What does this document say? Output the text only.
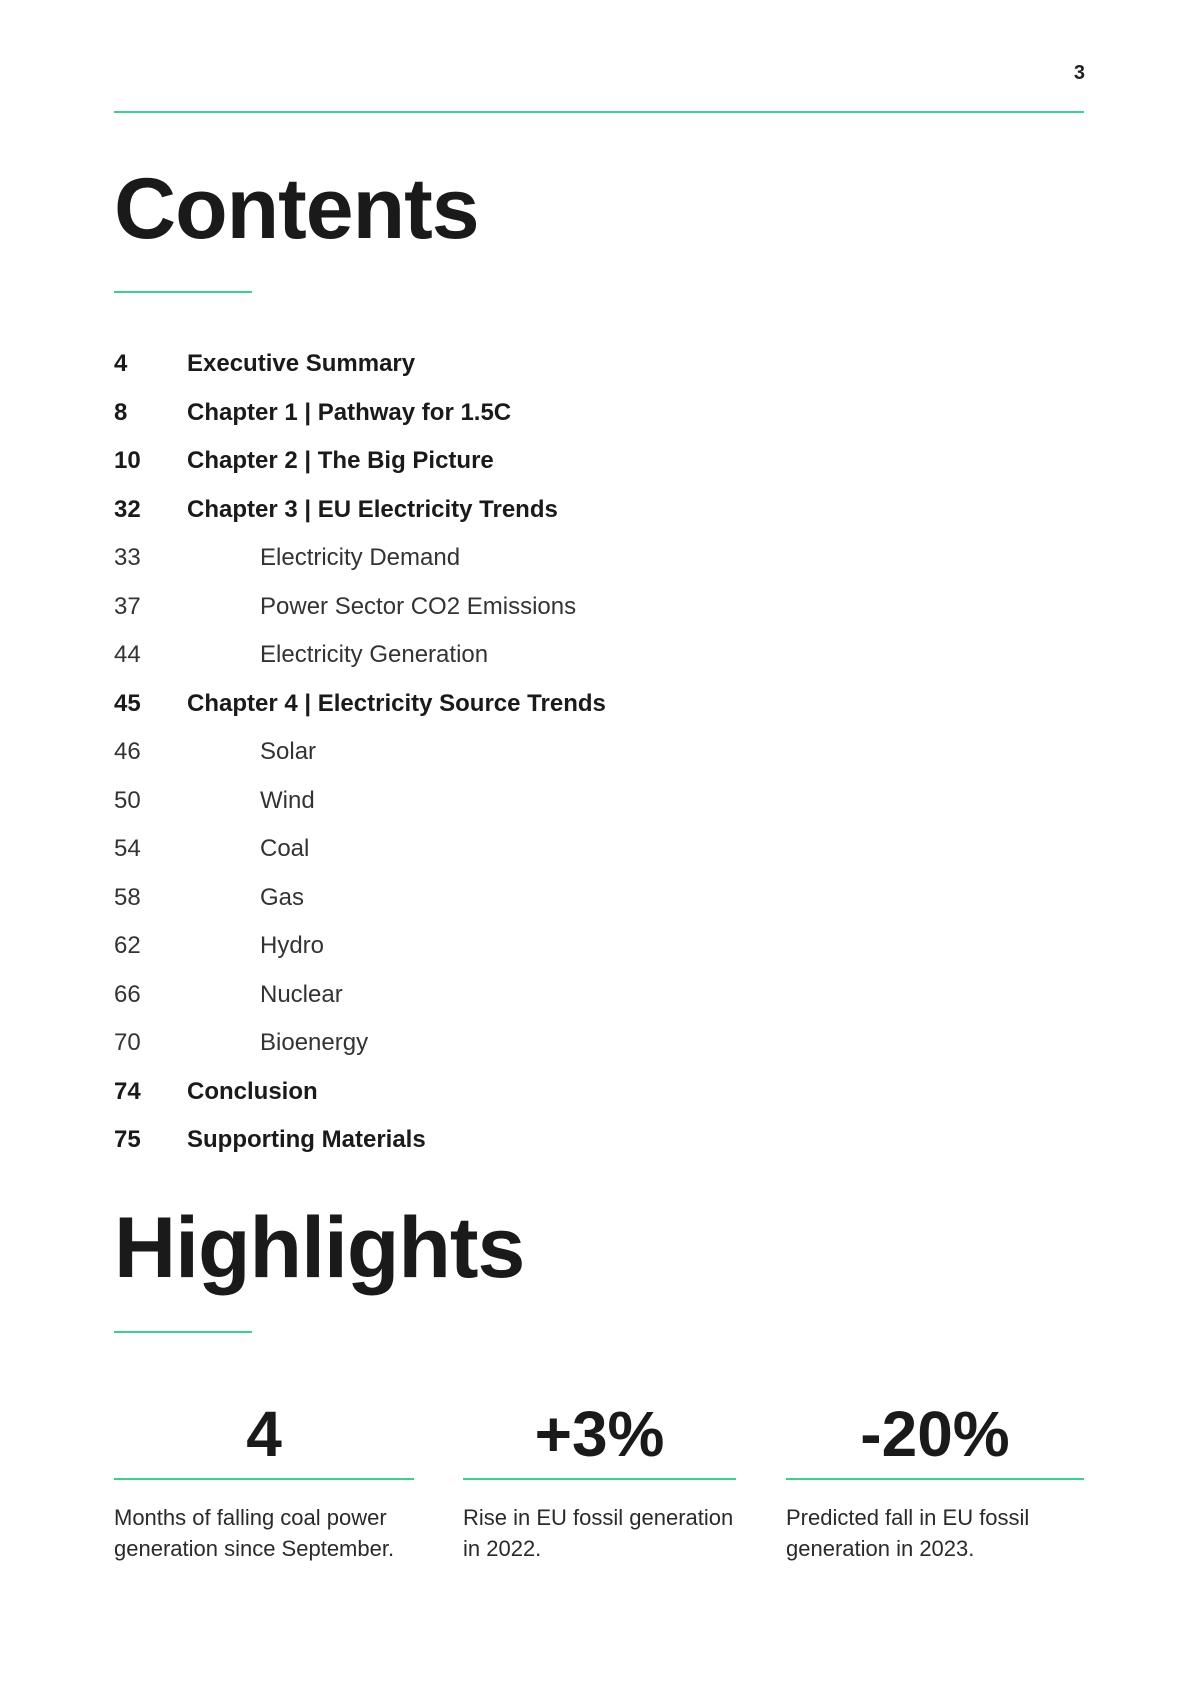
3
Contents
4	Executive Summary
8	Chapter 1 | Pathway for 1.5C
10	Chapter 2 | The Big Picture
32	Chapter 3 | EU Electricity Trends
33	Electricity Demand
37	Power Sector CO2 Emissions
44	Electricity Generation
45	Chapter 4 | Electricity Source Trends
46	Solar
50	Wind
54	Coal
58	Gas
62	Hydro
66	Nuclear
70	Bioenergy
74	Conclusion
75	Supporting Materials
Highlights
4
Months of falling coal power generation since September.
+3%
Rise in EU fossil generation in 2022.
-20%
Predicted fall in EU fossil generation in 2023.
